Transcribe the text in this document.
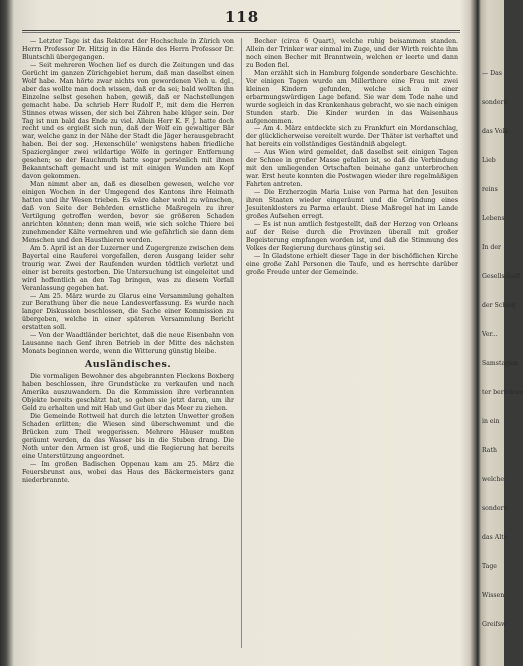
118

— Letzter Tage ist das Rektorat der Hochschule in Zürich von Herrn Professor Dr. Hitzig in die Hände des Herrn Professor Dr. Bluntschli übergegangen.

— Seit mehreren Wochen lief es durch die Zeitungen und das Gerücht im ganzen Zürichgebiet herum, daß man daselbst einen Wolf habe. Man hörte zwar nichts von gewordenen Vieh u. dgl., aber das wollte man doch wissen, daß er da sei; bald wollten ihn Einzelne selbst gesehen haben, gewiß, daß er Nachstellungen gemacht habe. Da schrieb Herr Rudolf P., mit dem die Herren Stinnes etwas wissen, der sich bei Zähren habe klüger sein. Der Tag ist nun bald das Ende zu viel. Allein Herr K. F. J. hatte doch recht und es ergießt sich nun, daß der Wolf ein gewaltiger Bär war, welche ganz in der Nähe der Stadt die Jäger herausgebracht haben. Bei der sog. ‚Hexenschüle' wenigstens haben friedliche Spaziergänger zwei wildartige Wölfe in geringer Entfernung gesehen; so der Hauchmuth hatte sogar persönlich mit ihnen Bekanntschaft gemacht und ist mit einigen Wunden am Kopf davon gekommen.

Man nimmt aber an, daß es dieselben gewesen, welche vor einigen Wochen in der Umgegend des Kantons ihre Heimath hatten und ihr Wesen trieben. Es wäre daher wohl zu wünschen, daß von Seite der Behörden ernstliche Maßregeln zu ihrer Vertilgung getroffen werden, bevor sie größeren Schaden anrichten könnten; denn man weiß, wie sich solche Thiere bei zunehmender Kälte vermehren und wie gefährlich sie dann dem Menschen und den Hausthieren werden.

Am 5. April ist an der Luzerner und Zugergrenze zwischen dem Bayertal eine Rauferei vorgefallen, deren Ausgang leider sehr traurig war. Zwei der Raufenden wurden tödtlich verletzt und einer ist bereits gestorben. Die Untersuchung ist eingeleitet und wird hoffentlich an den Tag bringen, was zu diesem Vorfall Veranlassung gegeben hat.

— Am 25. März wurde zu Glarus eine Versammlung gehalten zur Berathung über die neue Landesverfassung. Es wurde nach langer Diskussion beschlossen, die Sache einer Kommission zu übergeben, welche in einer späteren Versammlung Bericht erstatten soll.

— Von der Waadtländer berichtet, daß die neue Eisenbahn von Lausanne nach Genf ihren Betrieb in der Mitte des nächsten Monats beginnen werde, wenn die Witterung günstig bleibe.

Ausländisches.

Die vormaligen Bewohner des abgebrannten Fleckens Boxberg haben beschlossen, ihre Grundstücke zu verkaufen und nach Amerika auszuwandern. Da die Kommission ihre verbrannten Objekte bereits geschätzt hat, so gehen sie jetzt daran, um ihr Geld zu erhalten und mit Hab und Gut über das Meer zu ziehen.

Die Gemeinde Rottweil hat durch die letzten Unwetter großen Schaden erlitten; die Wiesen sind überschwemmt und die Brücken zum Theil weggerissen. Mehrere Häuser mußten geräumt werden, da das Wasser bis in die Stuben drang. Die Noth unter den Armen ist groß, und die Regierung hat bereits eine Unterstützung angeordnet.

— Im großen Badischen Oppenau kam am 25. März die Feuersbrunst aus, wobei das Haus des Bäckermeisters ganz niederbrannte.

Becher (circa 6 Quart), welche ruhig beisammen standen. Allein der Trinker war einmal im Zuge, und der Wirth reichte ihm noch einen Becher mit Branntwein, welchen er leerte und dann zu Boden fiel.

Man erzählt sich in Hamburg folgende sonderbare Geschichte. Vor einigen Tagen wurde am Millerthore eine Frau mit zwei kleinen Kindern gefunden, welche sich in einer erbarmungswürdigen Lage befand. Sie war dem Tode nahe und wurde sogleich in das Krankenhaus gebracht, wo sie nach einigen Stunden starb. Die Kinder wurden in das Waisenhaus aufgenommen.

— Am 4. März entdeckte sich zu Frankfurt ein Mordanschlag, der glücklicherweise vereitelt wurde. Der Thäter ist verhaftet und hat bereits ein vollständiges Geständniß abgelegt.

— Aus Wien wird gemeldet, daß daselbst seit einigen Tagen der Schnee in großer Masse gefallen ist, so daß die Verbindung mit den umliegenden Ortschaften beinahe ganz unterbrochen war. Erst heute konnten die Postwagen wieder ihre regelmäßigen Fahrten antreten.

— Die Erzherzogin Maria Luise von Parma hat den Jesuiten ihren Staaten wieder eingeräumt und die Gründung eines Jesuitenklosters zu Parma erlaubt. Diese Maßregel hat im Lande großes Aufsehen erregt.

— Es ist nun amtlich festgestellt, daß der Herzog von Orleans auf der Reise durch die Provinzen überall mit großer Begeisterung empfangen worden ist, und daß die Stimmung des Volkes der Regierung durchaus günstig sei.

— In Gladstone erhielt dieser Tage in der bischöflichen Kirche eine große Zahl Personen die Taufe, und es herrschte darüber große Freude unter der Gemeinde.

— Das
sondern
das Volk
Lieb
reins
Lebens
In der
Gesellschaft
der Schlag
Ver...
Samstagsm
ter berichten
in ein
Rath
welche
sondern
das Alte
Tage
Wissen
Greifsw
